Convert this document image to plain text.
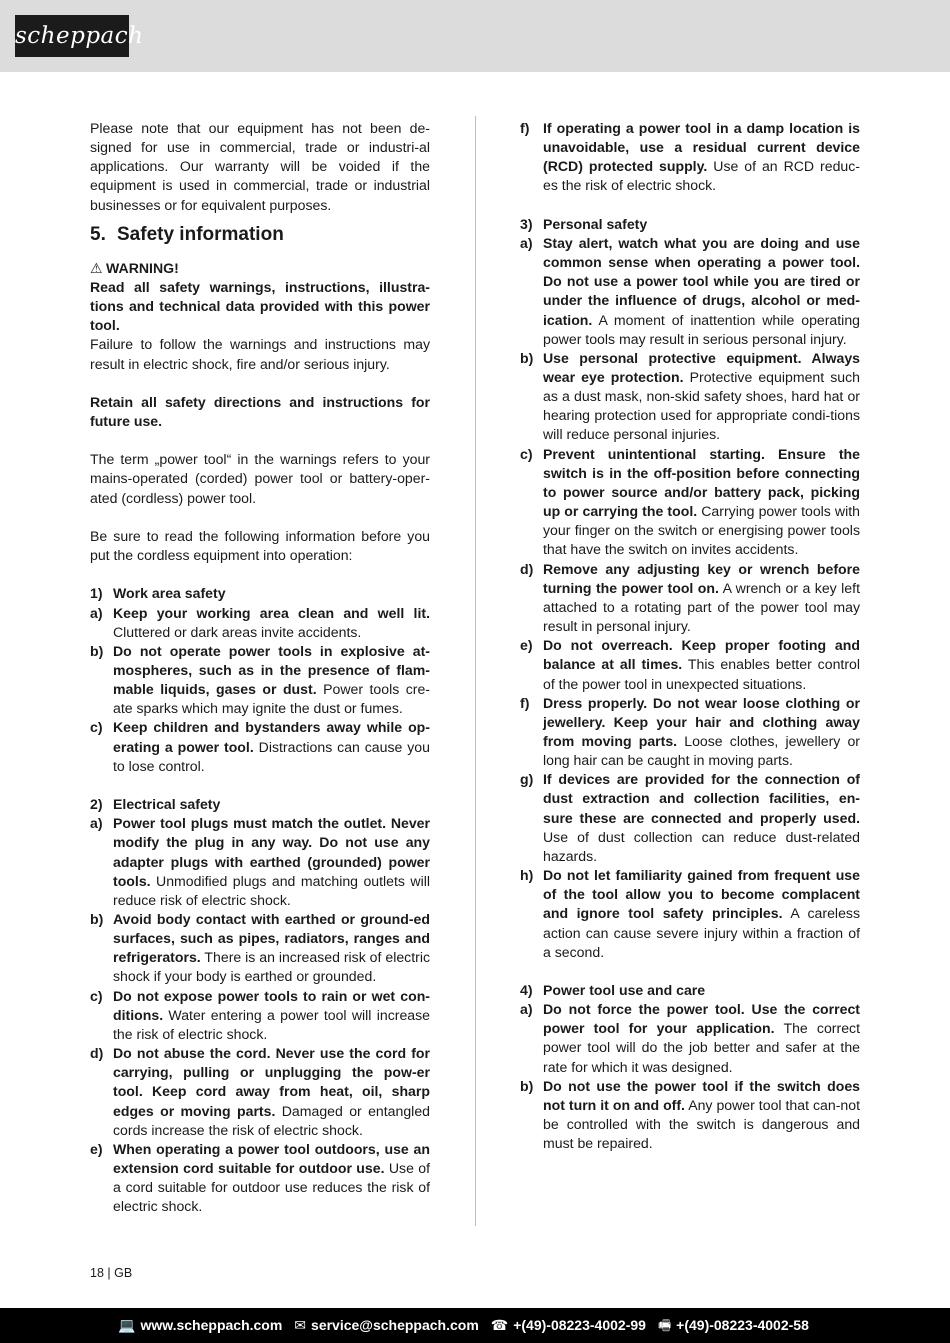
scheppach

Please note that our equipment has not been de-signed for use in commercial, trade or industri-al applications. Our warranty will be voided if the equipment is used in commercial, trade or industrial businesses or for equivalent purposes.

5. Safety information
⚠ WARNING!

Read all safety warnings, instructions, illustra-tions and technical data provided with this power tool.

Failure to follow the warnings and instructions may result in electric shock, fire and/or serious injury.

Retain all safety directions and instructions for future use.

The term „power tool“ in the warnings refers to your mains-operated (corded) power tool or battery-oper-ated (cordless) power tool.

Be sure to read the following information before you put the cordless equipment into operation:

1) Work area safety
a) Keep your working area clean and well lit. Cluttered or dark areas invite accidents.

b) Do not operate power tools in explosive at-mospheres, such as in the presence of flam-mable liquids, gases or dust. Power tools cre-ate sparks which may ignite the dust or fumes.

c) Keep children and bystanders away while op-erating a power tool. Distractions can cause you to lose control.

2) Electrical safety
a) Power tool plugs must match the outlet. Never modify the plug in any way. Do not use any adapter plugs with earthed (grounded) power tools. Unmodified plugs and matching outlets will reduce risk of electric shock.

b) Avoid body contact with earthed or ground-ed surfaces, such as pipes, radiators, ranges and refrigerators. There is an increased risk of electric shock if your body is earthed or grounded.

c) Do not expose power tools to rain or wet con-ditions. Water entering a power tool will increase the risk of electric shock.

d) Do not abuse the cord. Never use the cord for carrying, pulling or unplugging the pow-er tool. Keep cord away from heat, oil, sharp edges or moving parts. Damaged or entangled cords increase the risk of electric shock.

e) When operating a power tool outdoors, use an extension cord suitable for outdoor use. Use of a cord suitable for outdoor use reduces the risk of electric shock.

f) If operating a power tool in a damp location is unavoidable, use a residual current device (RCD) protected supply. Use of an RCD reduc-es the risk of electric shock.

3) Personal safety
a) Stay alert, watch what you are doing and use common sense when operating a power tool. Do not use a power tool while you are tired or under the influence of drugs, alcohol or med-ication. A moment of inattention while operating power tools may result in serious personal injury.

b) Use personal protective equipment. Always wear eye protection. Protective equipment such as a dust mask, non-skid safety shoes, hard hat or hearing protection used for appropriate condi-tions will reduce personal injuries.

c) Prevent unintentional starting. Ensure the switch is in the off-position before connecting to power source and/or battery pack, picking up or carrying the tool. Carrying power tools with your finger on the switch or energising power tools that have the switch on invites accidents.

d) Remove any adjusting key or wrench before turning the power tool on. A wrench or a key left attached to a rotating part of the power tool may result in personal injury.

e) Do not overreach. Keep proper footing and balance at all times. This enables better control of the power tool in unexpected situations.

f) Dress properly. Do not wear loose clothing or jewellery. Keep your hair and clothing away from moving parts. Loose clothes, jewellery or long hair can be caught in moving parts.

g) If devices are provided for the connection of dust extraction and collection facilities, en-sure these are connected and properly used. Use of dust collection can reduce dust-related hazards.

h) Do not let familiarity gained from frequent use of the tool allow you to become complacent and ignore tool safety principles. A careless action can cause severe injury within a fraction of a second.

4) Power tool use and care
a) Do not force the power tool. Use the correct power tool for your application. The correct power tool will do the job better and safer at the rate for which it was designed.

b) Do not use the power tool if the switch does not turn it on and off. Any power tool that can-not be controlled with the switch is dangerous and must be repaired.

18 | GB
💻 www.scheppach.com ✉ service@scheppach.com ☎ +(49)-08223-4002-99 🖷 +(49)-08223-4002-58
